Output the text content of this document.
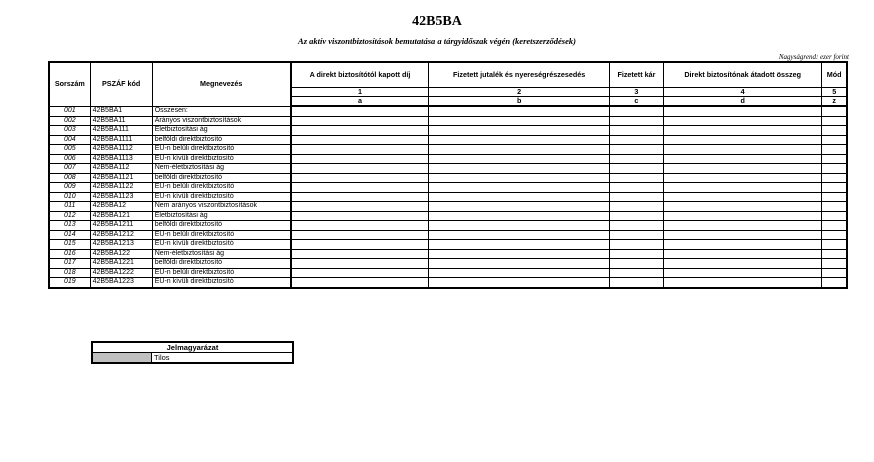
42B5BA
Az aktív viszontbiztosítások bemutatása a tárgyidőszak végén (keretszerződések)
Nagyságrend: ezer forint
Sorszám	PSZÁF kód	Megnevezés	A direkt biztosítótól kapott díj	Fizetett jutalék és nyereségrészesedés	Fizetett kár	Direkt biztosítónak átadott összeg	Mód
			1	2	3	4	5
			a	b	c	d	z
001	42B5BA1	Összesen:					
002	42B5BA11	Arányos viszontbiztosítások					
003	42B5BA111	Életbiztosítási ág					
004	42B5BA1111	belföldi direktbiztosító					
005	42B5BA1112	EU-n belüli direktbiztosító					
006	42B5BA1113	EU-n kívüli direktbiztosító					
007	42B5BA112	Nem-életbiztosítási ág					
008	42B5BA1121	belföldi direktbiztosító					
009	42B5BA1122	EU-n belüli direktbiztosító					
010	42B5BA1123	EU-n kívüli direktbiztosító					
011	42B5BA12	Nem arányos viszontbiztosítások					
012	42B5BA121	Életbiztosítási ág					
013	42B5BA1211	belföldi direktbiztosító					
014	42B5BA1212	EU-n belüli direktbiztosító					
015	42B5BA1213	EU-n kívüli direktbiztosító					
016	42B5BA122	Nem-életbiztosítási ág					
017	42B5BA1221	belföldi direktbiztosító					
018	42B5BA1222	EU-n belüli direktbiztosító					
019	42B5BA1223	EU-n kívüli direktbiztosító					
Jelmagyarázat
	Tilos
